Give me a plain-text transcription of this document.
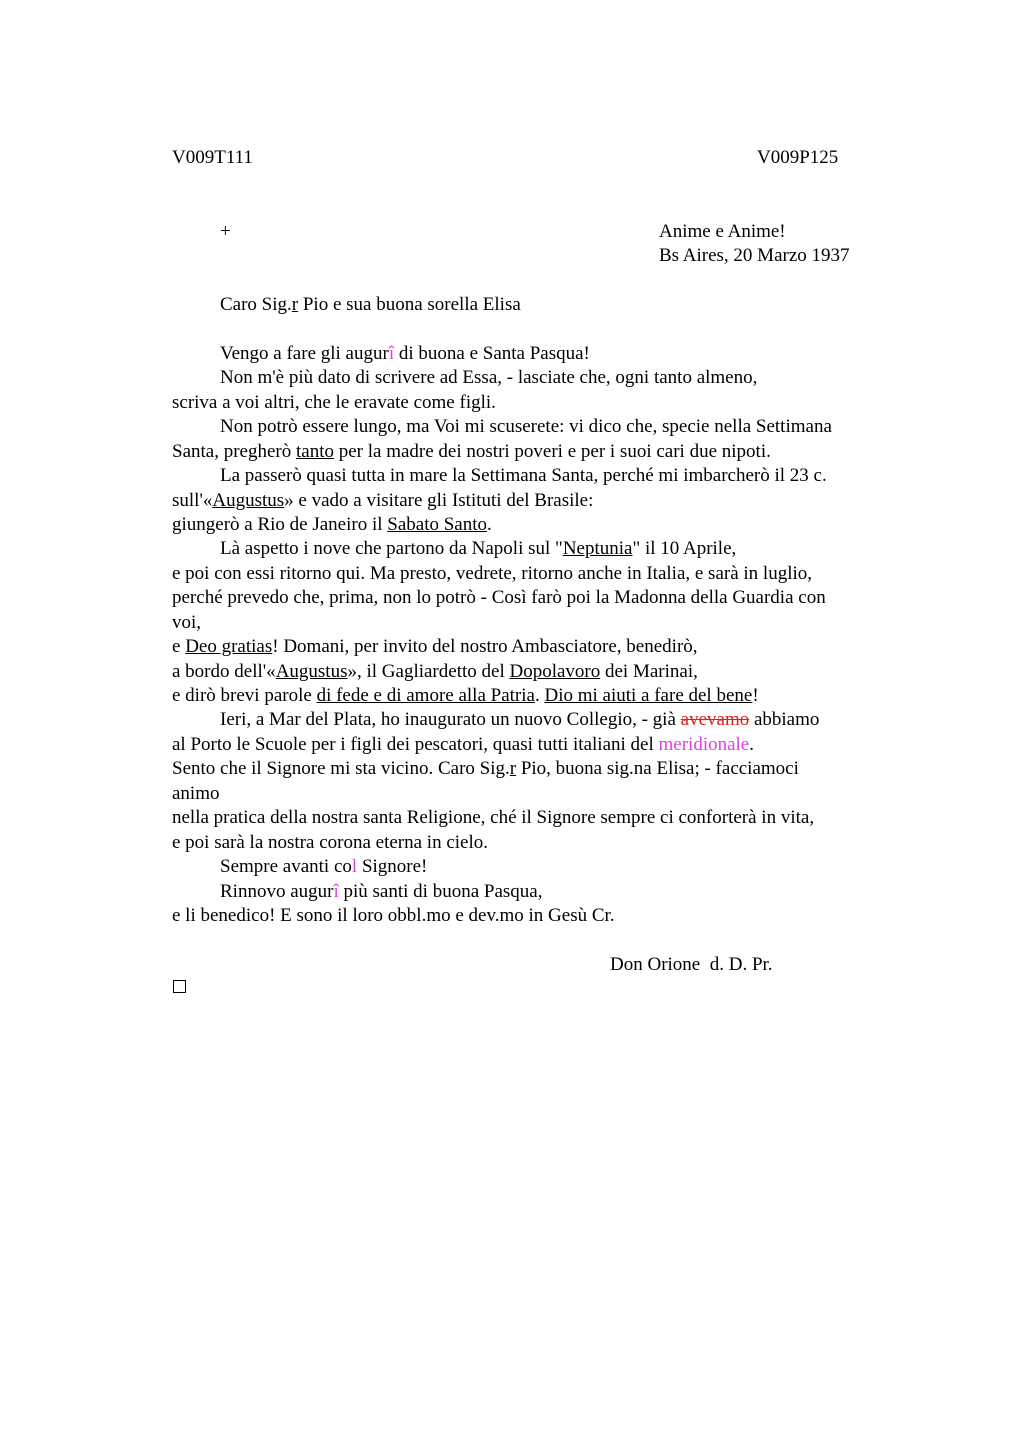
V009T111	V009P125
+	Anime e Anime!
Bs Aires, 20 Marzo 1937
Caro Sig.r Pio e sua buona sorella Elisa
Vengo a fare gli augurî di buona e Santa Pasqua!
Non m'è più dato di scrivere ad Essa, - lasciate che, ogni tanto almeno,
scriva a voi altri, che le eravate come figli.
Non potrò essere lungo, ma Voi mi scuserete: vi dico che, specie nella Settimana
Santa, pregherò tanto per la madre dei nostri poveri e per i suoi cari due nipoti.
La passerò quasi tutta in mare la Settimana Santa, perché mi imbarcherò il 23 c.
sull'«Augustus» e vado a visitare gli Istituti del Brasile:
giungerò a Rio de Janeiro il Sabato Santo.
Là aspetto i nove che partono da Napoli sul "Neptunia" il 10 Aprile,
e poi con essi ritorno qui. Ma presto, vedrete, ritorno anche in Italia, e sarà in luglio,
perché prevedo che, prima, non lo potrò - Così farò poi la Madonna della Guardia con
voi,
e Deo gratias! Domani, per invito del nostro Ambasciatore, benedirò,
a bordo dell'«Augustus», il Gagliardetto del Dopolavoro dei Marinai,
e dirò brevi parole di fede e di amore alla Patria. Dio mi aiuti a fare del bene!
Ieri, a Mar del Plata, ho inaugurato un nuovo Collegio, - già avevamo abbiamo
al Porto le Scuole per i figli dei pescatori, quasi tutti italiani del meridionale.
Sento che il Signore mi sta vicino. Caro Sig.r Pio, buona sig.na Elisa; - facciamoci
animo
nella pratica della nostra santa Religione, ché il Signore sempre ci conforterà in vita,
e poi sarà la nostra corona eterna in cielo.
Sempre avanti col Signore!
Rinnovo augurî più santi di buona Pasqua,
e li benedico! E sono il loro obbl.mo e dev.mo in Gesù Cr.
Don Orione  d. D. Pr.
